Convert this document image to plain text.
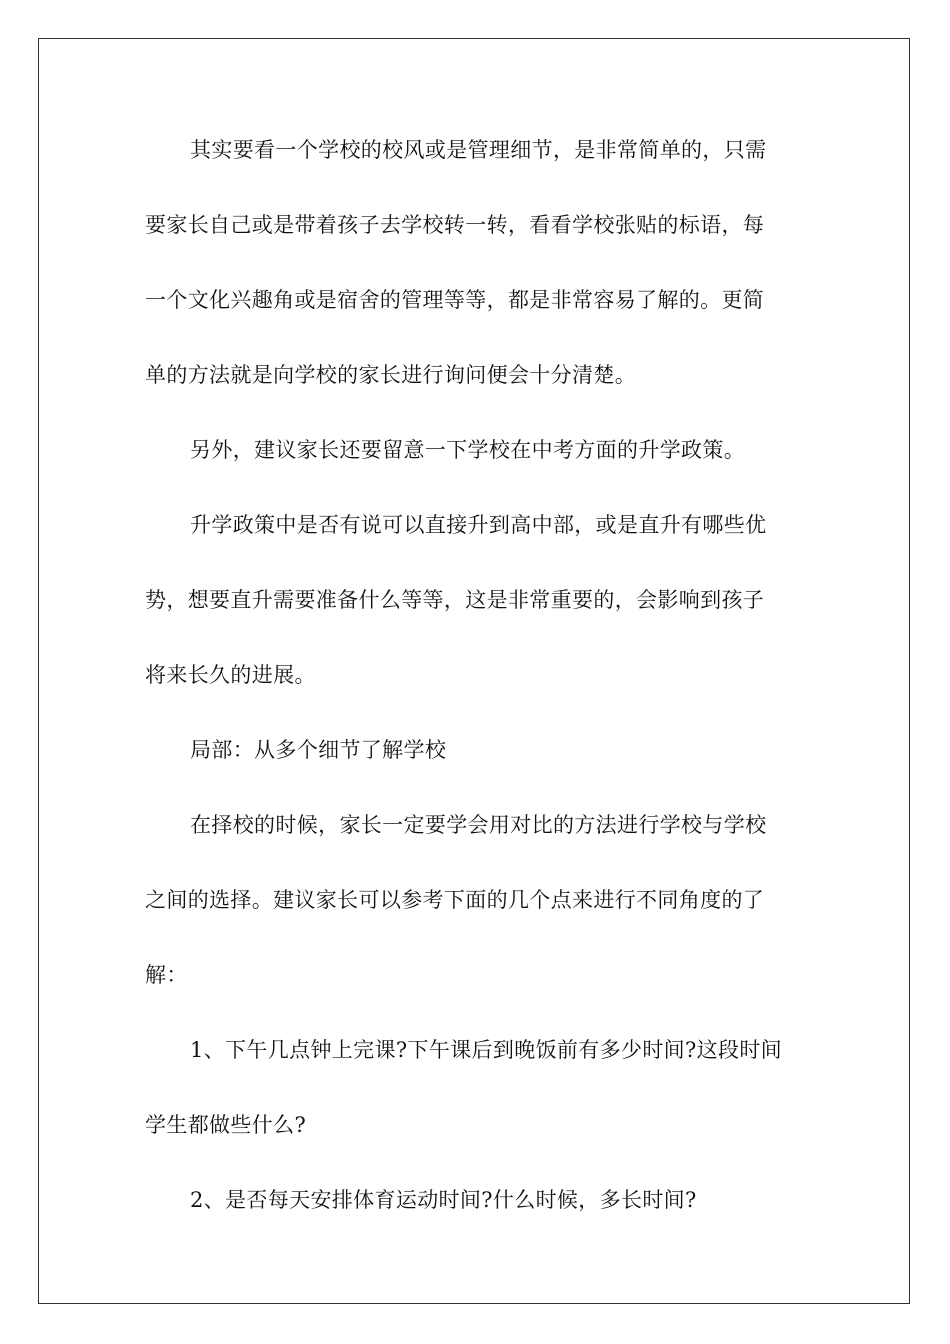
其实要看一个学校的校风或是管理细节，是非常简单的，只需
要家长自己或是带着孩子去学校转一转，看看学校张贴的标语，每
一个文化兴趣角或是宿舍的管理等等，都是非常容易了解的。更简
单的方法就是向学校的家长进行询问便会十分清楚。
另外，建议家长还要留意一下学校在中考方面的升学政策。
升学政策中是否有说可以直接升到高中部，或是直升有哪些优
势，想要直升需要准备什么等等，这是非常重要的，会影响到孩子
将来长久的进展。
局部：从多个细节了解学校
在择校的时候，家长一定要学会用对比的方法进行学校与学校
之间的选择。建议家长可以参考下面的几个点来进行不同角度的了
解：
1、下午几点钟上完课?下午课后到晚饭前有多少时间?这段时间
学生都做些什么?
2、是否每天安排体育运动时间?什么时候，多长时间?
